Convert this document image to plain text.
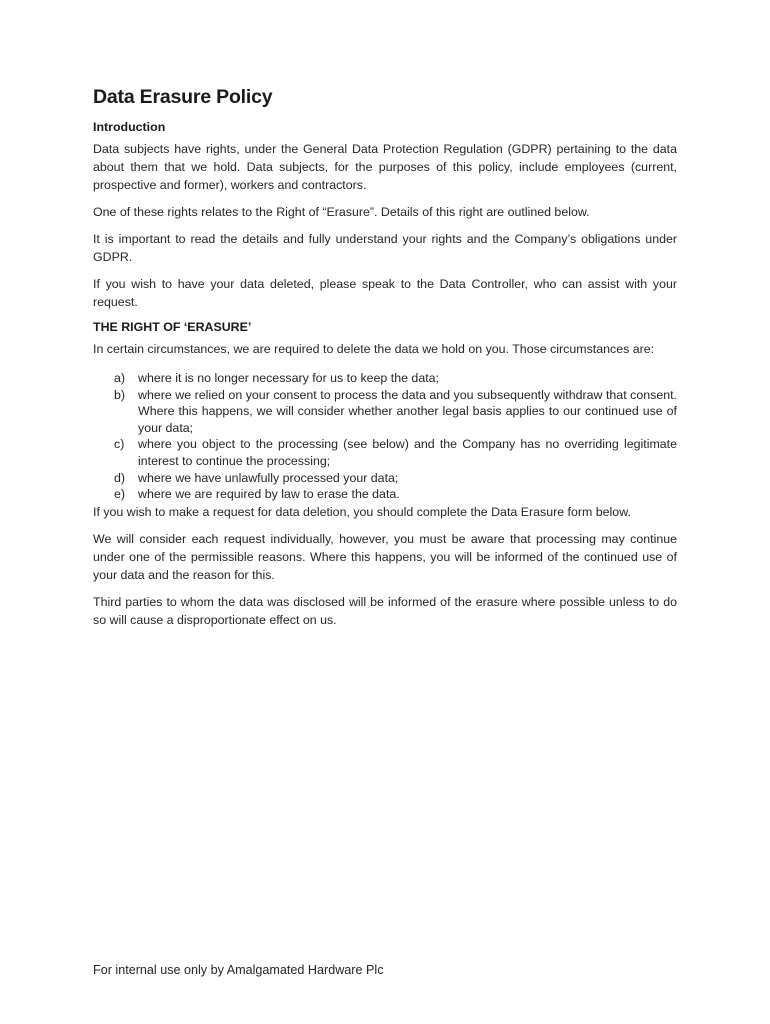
Data Erasure Policy
Introduction

Data subjects have rights, under the General Data Protection Regulation (GDPR) pertaining to the data about them that we hold. Data subjects, for the purposes of this policy, include employees (current, prospective and former), workers and contractors.

One of these rights relates to the Right of “Erasure”. Details of this right are outlined below.

It is important to read the details and fully understand your rights and the Company’s obligations under GDPR.

If you wish to have your data deleted, please speak to the Data Controller, who can assist with your request.

THE RIGHT OF ‘ERASURE’

In certain circumstances, we are required to delete the data we hold on you. Those circumstances are:

a) where it is no longer necessary for us to keep the data;
b) where we relied on your consent to process the data and you subsequently withdraw that consent. Where this happens, we will consider whether another legal basis applies to our continued use of your data;
c) where you object to the processing (see below) and the Company has no overriding legitimate interest to continue the processing;
d) where we have unlawfully processed your data;
e) where we are required by law to erase the data.

If you wish to make a request for data deletion, you should complete the Data Erasure form below.

We will consider each request individually, however, you must be aware that processing may continue under one of the permissible reasons. Where this happens, you will be informed of the continued use of your data and the reason for this.

Third parties to whom the data was disclosed will be informed of the erasure where possible unless to do so will cause a disproportionate effect on us.

For internal use only by Amalgamated Hardware Plc
